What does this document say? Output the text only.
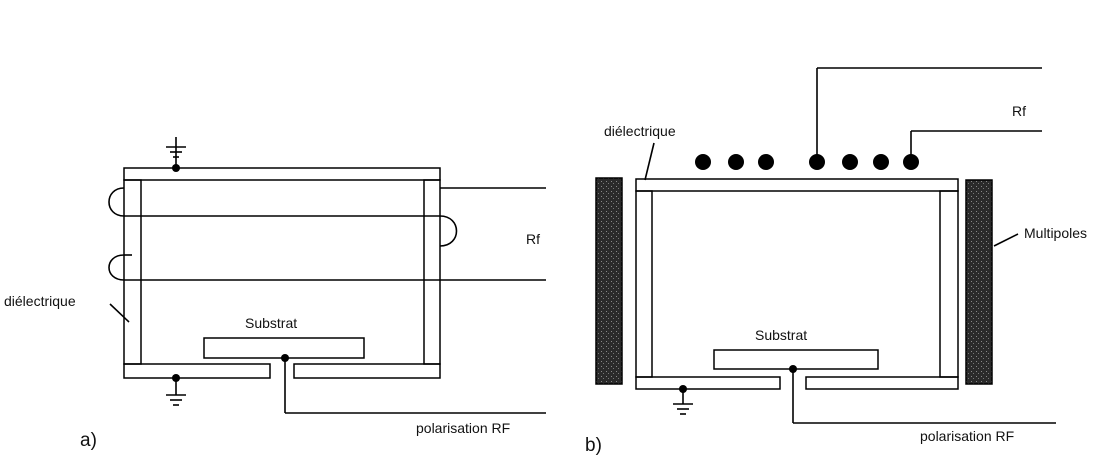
Substrat
Rf
diélectrique
polarisation RF
a)
Substrat
Rf
diélectrique
Multipoles
polarisation RF
b)
